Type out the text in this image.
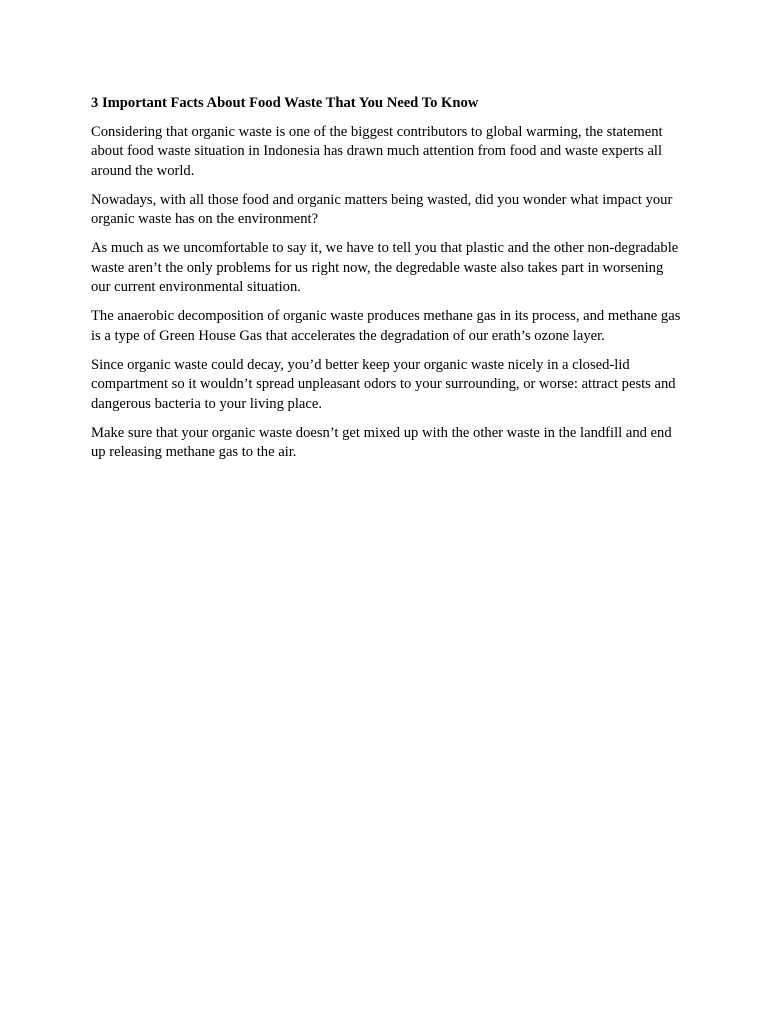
3 Important Facts About Food Waste That You Need To Know

Considering that organic waste is one of the biggest contributors to global warming, the statement about food waste situation in Indonesia has drawn much attention from food and waste experts all around the world.

Nowadays, with all those food and organic matters being wasted, did you wonder what impact your organic waste has on the environment?

As much as we uncomfortable to say it, we have to tell you that plastic and the other non-degradable waste aren’t the only problems for us right now, the degredable waste also takes part in worsening our current environmental situation.

The anaerobic decomposition of organic waste produces methane gas in its process, and methane gas is a type of Green House Gas that accelerates the degradation of our erath’s ozone layer.

Since organic waste could decay, you’d better keep your organic waste nicely in a closed-lid compartment so it wouldn’t spread unpleasant odors to your surrounding, or worse: attract pests and dangerous bacteria to your living place.

Make sure that your organic waste doesn’t get mixed up with the other waste in the landfill and end up releasing methane gas to the air.
